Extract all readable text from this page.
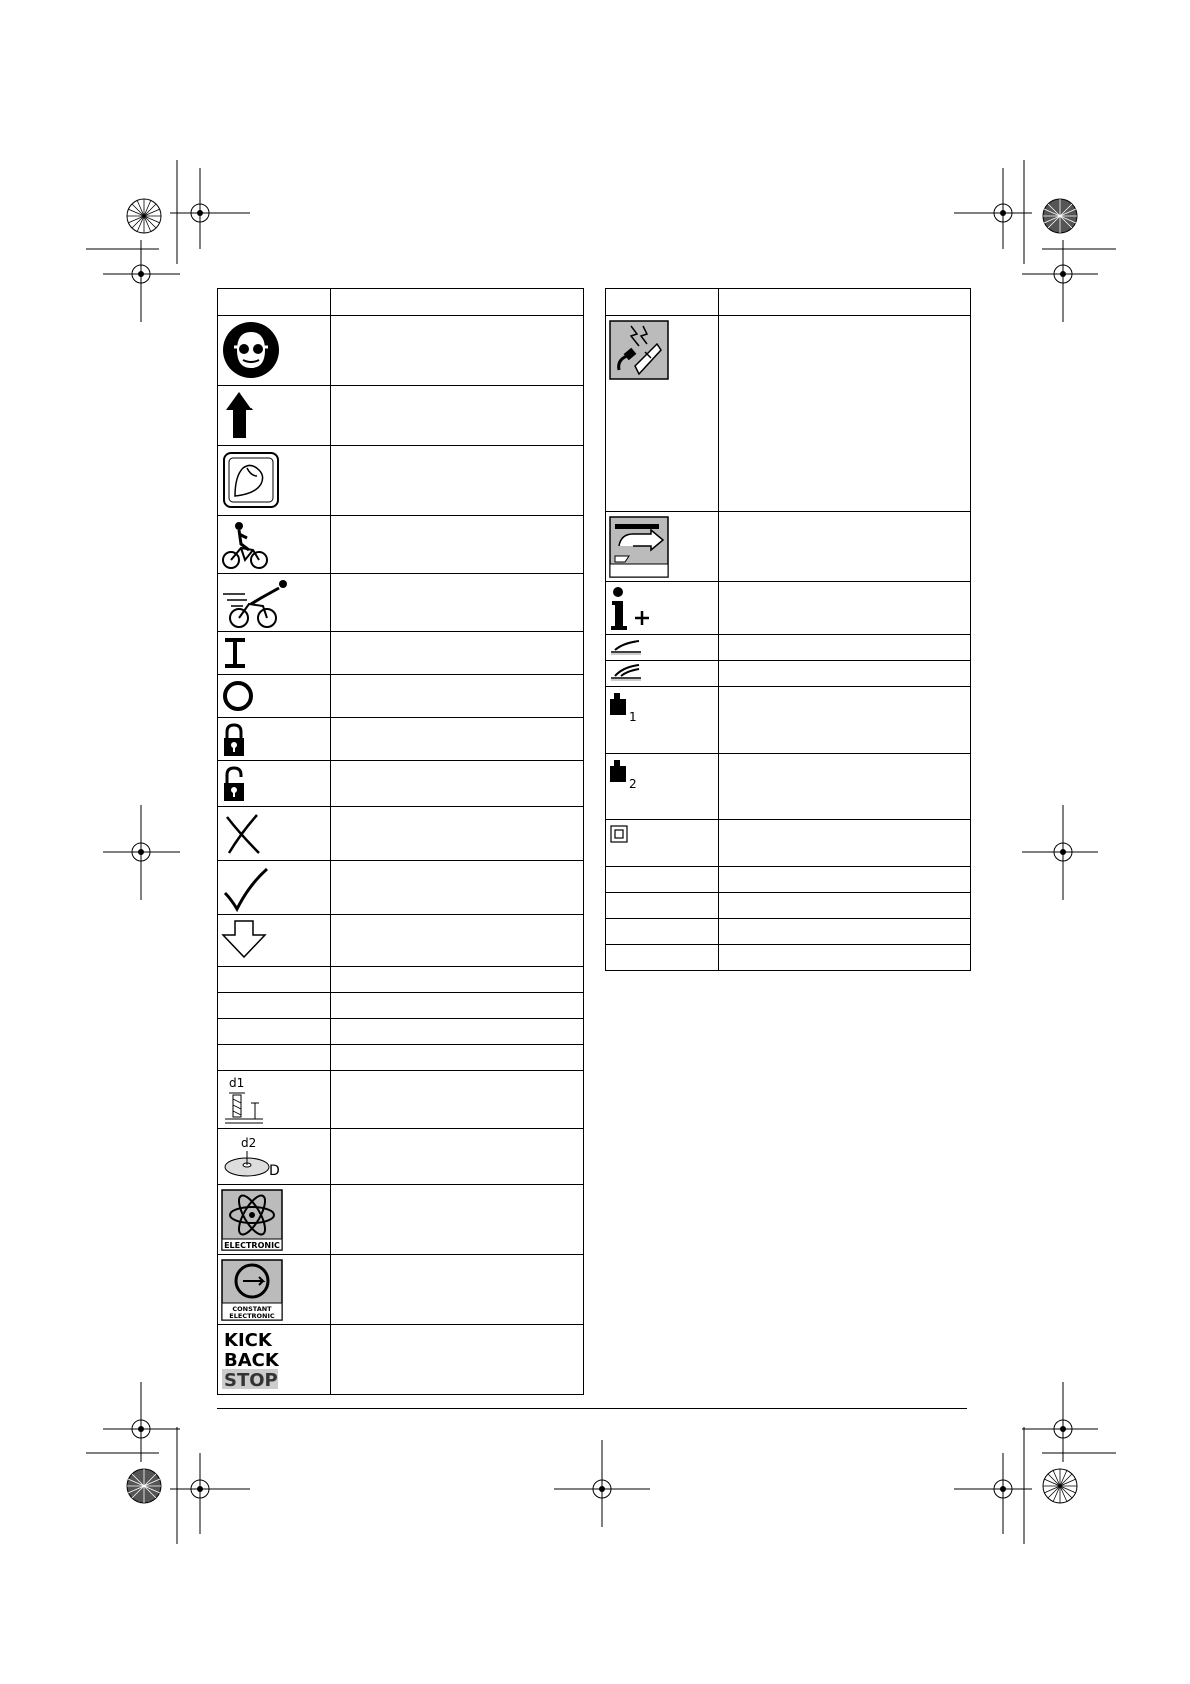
d1	

d2
D	

ELECTRONIC	

CONSTANT
ELECTRONIC	

KICK
BACK
STOP	

1	

2	
